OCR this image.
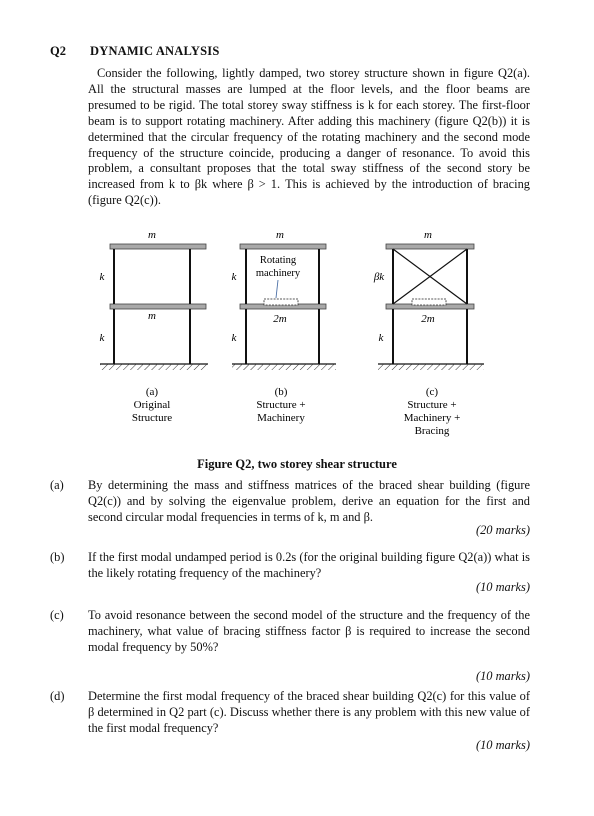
Q2 DYNAMIC ANALYSIS

Consider the following, lightly damped, two storey structure shown in figure Q2(a). All the structural masses are lumped at the floor levels, and the floor beams are presumed to be rigid. The total storey sway stiffness is k for each storey. The first-floor beam is to support rotating machinery. After adding this machinery (figure Q2(b)) it is determined that the circular frequency of the rotating machinery and the second mode frequency of the structure coincide, producing a danger of resonance. To avoid this problem, a consultant proposes that the total sway stiffness of the second story be increased from k to βk where β > 1. This is achieved by the introduction of bracing (figure Q2(c)).

m
m
k
k
(a)
Original
Structure
m
Rotating
machinery
2m
k
k
(b)
Structure +
Machinery
m
2m
βk
k
(c)
Structure +
Machinery +
Bracing
Figure Q2, two storey shear structure
(a) By determining the mass and stiffness matrices of the braced shear building (figure Q2(c)) and by solving the eigenvalue problem, derive an equation for the first and second circular modal frequencies in terms of k, m and β.
(20 marks)
(b) If the first modal undamped period is 0.2s (for the original building figure Q2(a)) what is the likely rotating frequency of the machinery?
(10 marks)
(c) To avoid resonance between the second model of the structure and the frequency of the machinery, what value of bracing stiffness factor β is required to increase the second modal frequency by 50%?
(10 marks)
(d) Determine the first modal frequency of the braced shear building Q2(c) for this value of β determined in Q2 part (c). Discuss whether there is any problem with this new value of the first modal frequency?
(10 marks)
